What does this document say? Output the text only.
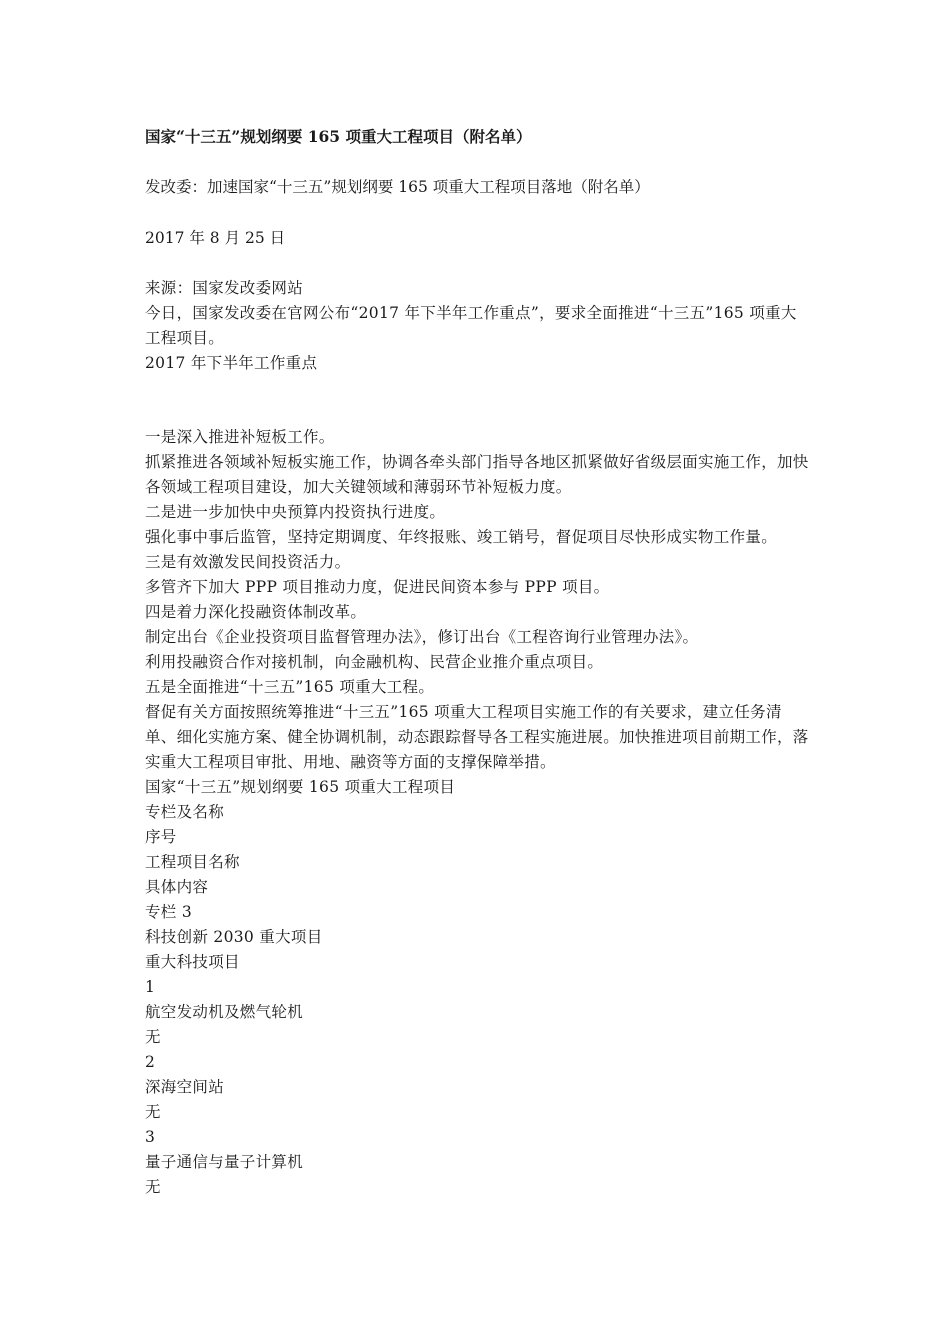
国家“十三五”规划纲要 165 项重大工程项目（附名单）
发改委：加速国家“十三五”规划纲要 165 项重大工程项目落地（附名单）
2017 年 8 月 25 日

来源：国家发改委网站

今日，国家发改委在官网公布“2017 年下半年工作重点”，要求全面推进“十三五”165 项重大工程项目。

2017 年下半年工作重点

一是深入推进补短板工作。

抓紧推进各领域补短板实施工作，协调各牵头部门指导各地区抓紧做好省级层面实施工作，加快各领域工程项目建设，加大关键领域和薄弱环节补短板力度。

二是进一步加快中央预算内投资执行进度。

强化事中事后监管，坚持定期调度、年终报账、竣工销号，督促项目尽快形成实物工作量。

三是有效激发民间投资活力。

多管齐下加大 PPP 项目推动力度，促进民间资本参与 PPP 项目。

四是着力深化投融资体制改革。

制定出台《企业投资项目监督管理办法》，修订出台《工程咨询行业管理办法》。

利用投融资合作对接机制，向金融机构、民营企业推介重点项目。

五是全面推进“十三五”165 项重大工程。

督促有关方面按照统筹推进“十三五”165 项重大工程项目实施工作的有关要求，建立任务清单、细化实施方案、健全协调机制，动态跟踪督导各工程实施进展。加快推进项目前期工作，落实重大工程项目审批、用地、融资等方面的支撑保障举措。

国家“十三五”规划纲要 165 项重大工程项目

专栏及名称

序号

工程项目名称

具体内容

专栏 3

科技创新 2030 重大项目

重大科技项目

1

航空发动机及燃气轮机

无

2

深海空间站

无

3

量子通信与量子计算机

无
